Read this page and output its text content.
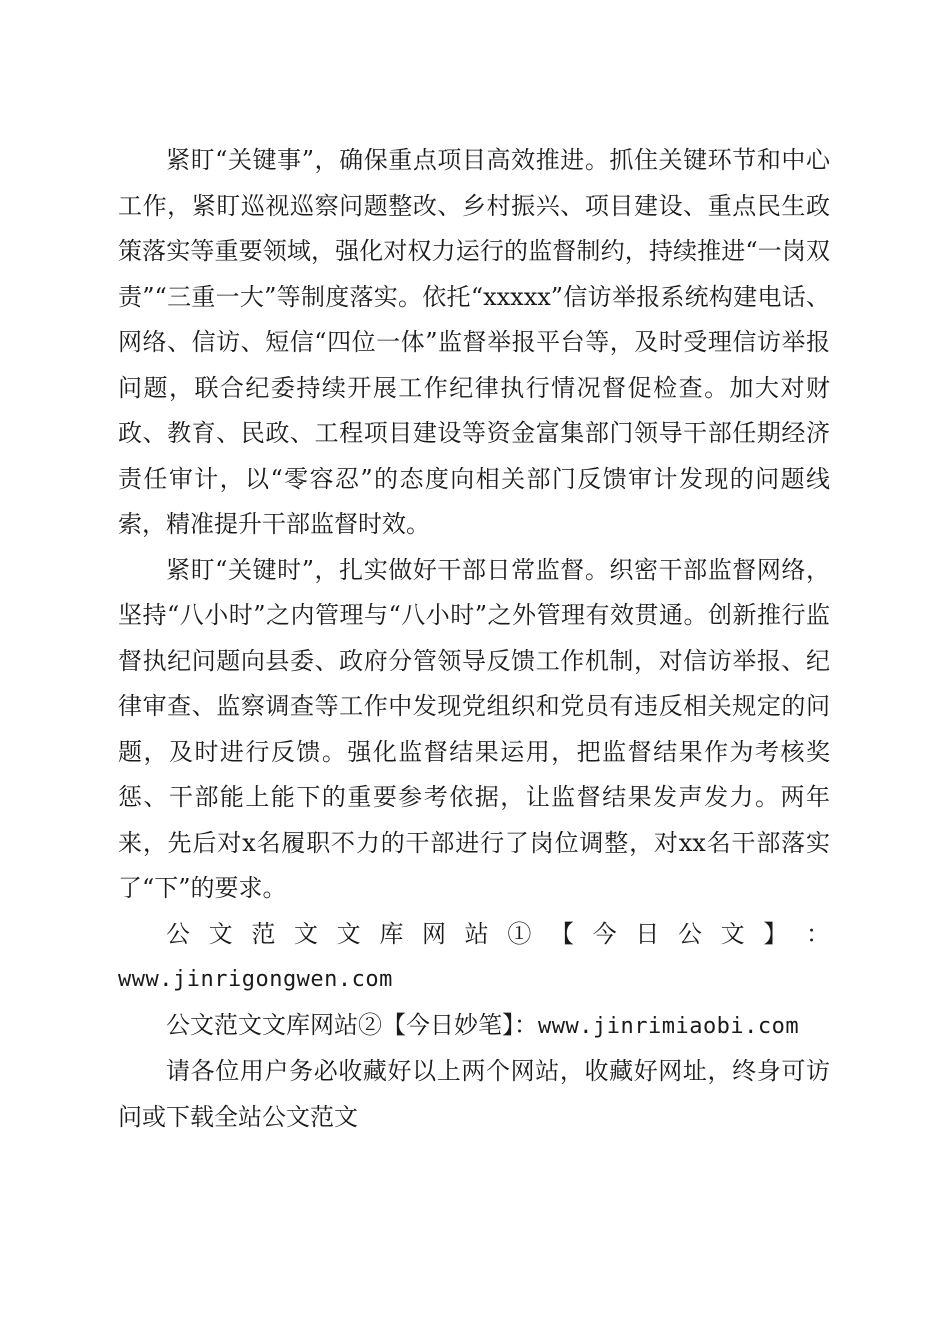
紧盯“关键事”，确保重点项目高效推进。抓住关键环节和中心工作，紧盯巡视巡察问题整改、乡村振兴、项目建设、重点民生政策落实等重要领域，强化对权力运行的监督制约，持续推进“一岗双责”“三重一大”等制度落实。依托“xxxxx”信访举报系统构建电话、网络、信访、短信“四位一体”监督举报平台等，及时受理信访举报问题，联合纪委持续开展工作纪律执行情况督促检查。加大对财政、教育、民政、工程项目建设等资金富集部门领导干部任期经济责任审计，以“零容忍”的态度向相关部门反馈审计发现的问题线索，精准提升干部监督时效。

紧盯“关键时”，扎实做好干部日常监督。织密干部监督网络，坚持“八小时”之内管理与“八小时”之外管理有效贯通。创新推行监督执纪问题向县委、政府分管领导反馈工作机制，对信访举报、纪律审查、监察调查等工作中发现党组织和党员有违反相关规定的问题，及时进行反馈。强化监督结果运用，把监督结果作为考核奖惩、干部能上能下的重要参考依据，让监督结果发声发力。两年来，先后对x名履职不力的干部进行了岗位调整，对xx名干部落实了“下”的要求。

公 文 范 文 文 库 网 站 ① 【 今 日 公 文 】 ：

www.jinrigongwen.com

公文范文文库网站②【今日妙笔】：www.jinrimiaobi.com

请各位用户务必收藏好以上两个网站，收藏好网址，终身可访问或下载全站公文范文
